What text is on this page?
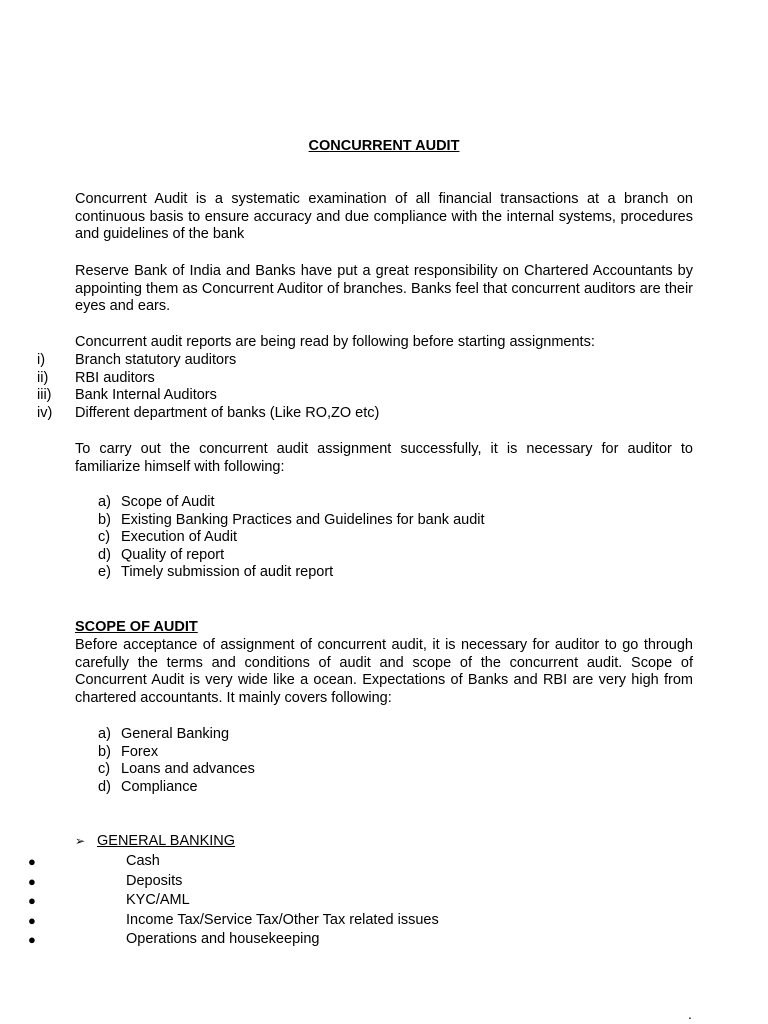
CONCURRENT AUDIT

Concurrent Audit is a systematic examination of all financial transactions at a branch on continuous basis to ensure accuracy and due compliance with the internal systems, procedures and guidelines of the bank

Reserve Bank of India and Banks have put a great responsibility on Chartered Accountants by appointing them as Concurrent Auditor of branches. Banks feel that concurrent auditors are their eyes and ears.

Concurrent audit reports are being read by following before starting assignments:

i) Branch statutory auditors
ii) RBI auditors
iii) Bank Internal Auditors
iv) Different department of banks (Like RO,ZO etc)

To carry out the concurrent audit assignment successfully, it is necessary for auditor to familiarize himself with following:

a) Scope of Audit
b) Existing Banking Practices and Guidelines for bank audit
c) Execution of Audit
d) Quality of report
e) Timely submission of audit report
SCOPE OF AUDIT

Before acceptance of assignment of concurrent audit, it is necessary for auditor to go through carefully the terms and conditions of audit and scope of the concurrent audit. Scope of Concurrent Audit is very wide like a ocean. Expectations of Banks and RBI are very high from chartered accountants. It mainly covers following:

a) General Banking
b) Forex
c) Loans and advances
d) Compliance
➢ GENERAL BANKING
●	Cash
●	Deposits
●	KYC/AML
●	Income Tax/Service Tax/Other Tax related issues
●	Operations and housekeeping
.
